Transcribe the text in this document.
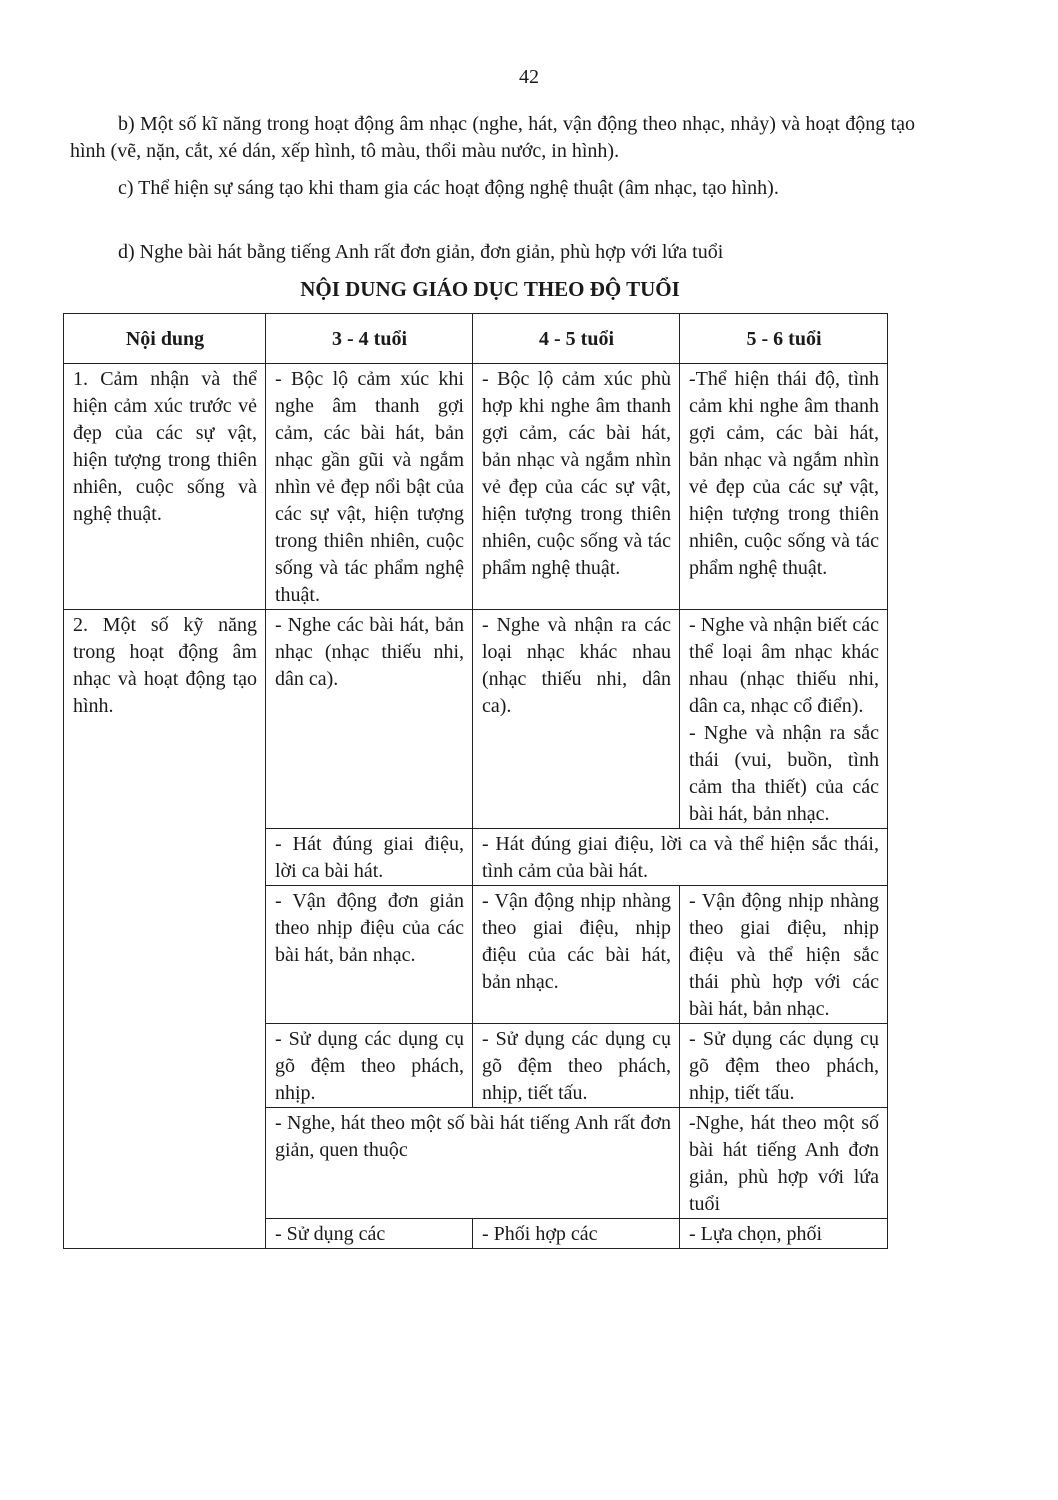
42

b) Một số kĩ năng trong hoạt động âm nhạc (nghe, hát, vận động theo nhạc, nhảy) và hoạt động tạo hình (vẽ, nặn, cắt, xé dán, xếp hình, tô màu, thổi màu nước, in hình).

c) Thể hiện sự sáng tạo khi tham gia các hoạt động nghệ thuật (âm nhạc, tạo hình).

d) Nghe bài hát bằng tiếng Anh rất đơn giản, đơn giản, phù hợp với lứa tuổi

NỘI DUNG GIÁO DỤC THEO ĐỘ TUỔI
Nội dung	3 - 4 tuổi	4 - 5 tuổi	5 - 6 tuổi
1. Cảm nhận và thể hiện cảm xúc trước vẻ đẹp của các sự vật, hiện tượng trong thiên nhiên, cuộc sống và nghệ thuật.	- Bộc lộ cảm xúc khi nghe âm thanh gợi cảm, các bài hát, bản nhạc gần gũi và ngắm nhìn vẻ đẹp nổi bật của các sự vật, hiện tượng trong thiên nhiên, cuộc sống và tác phẩm nghệ thuật.	- Bộc lộ cảm xúc phù hợp khi nghe âm thanh gợi cảm, các bài hát, bản nhạc và ngắm nhìn vẻ đẹp của các sự vật, hiện tượng trong thiên nhiên, cuộc sống và tác phẩm nghệ thuật.	-Thể hiện thái độ, tình cảm khi nghe âm thanh gợi cảm, các bài hát, bản nhạc và ngắm nhìn vẻ đẹp của các sự vật, hiện tượng trong thiên nhiên, cuộc sống và tác phẩm nghệ thuật.
2. Một số kỹ năng trong hoạt động âm nhạc và hoạt động tạo hình.	- Nghe các bài hát, bản nhạc (nhạc thiếu nhi, dân ca).	- Nghe và nhận ra các loại nhạc khác nhau (nhạc thiếu nhi, dân ca).	- Nghe và nhận biết các thể loại âm nhạc khác nhau (nhạc thiếu nhi, dân ca, nhạc cổ điển).
- Nghe và nhận ra sắc thái (vui, buồn, tình cảm tha thiết) của các bài hát, bản nhạc.

	- Hát đúng giai điệu, lời ca bài hát.	- Hát đúng giai điệu, lời ca và thể hiện sắc thái, tình cảm của bài hát.	
	- Vận động đơn giản theo nhịp điệu của các bài hát, bản nhạc.	- Vận động nhịp nhàng theo giai điệu, nhịp điệu của các bài hát, bản nhạc.	- Vận động nhịp nhàng theo giai điệu, nhịp điệu và thể hiện sắc thái phù hợp với các bài hát, bản nhạc.
	- Sử dụng các dụng cụ gõ đệm theo phách, nhịp.	- Sử dụng các dụng cụ gõ đệm theo phách, nhịp, tiết tấu.	- Sử dụng các dụng cụ gõ đệm theo phách, nhịp, tiết tấu.
	- Nghe, hát theo một số bài hát tiếng Anh rất đơn giản, quen thuộc		-Nghe, hát theo một số bài hát tiếng Anh đơn giản, phù hợp với lứa tuổi
	- Sử dụng các	- Phối hợp các	- Lựa chọn, phối
